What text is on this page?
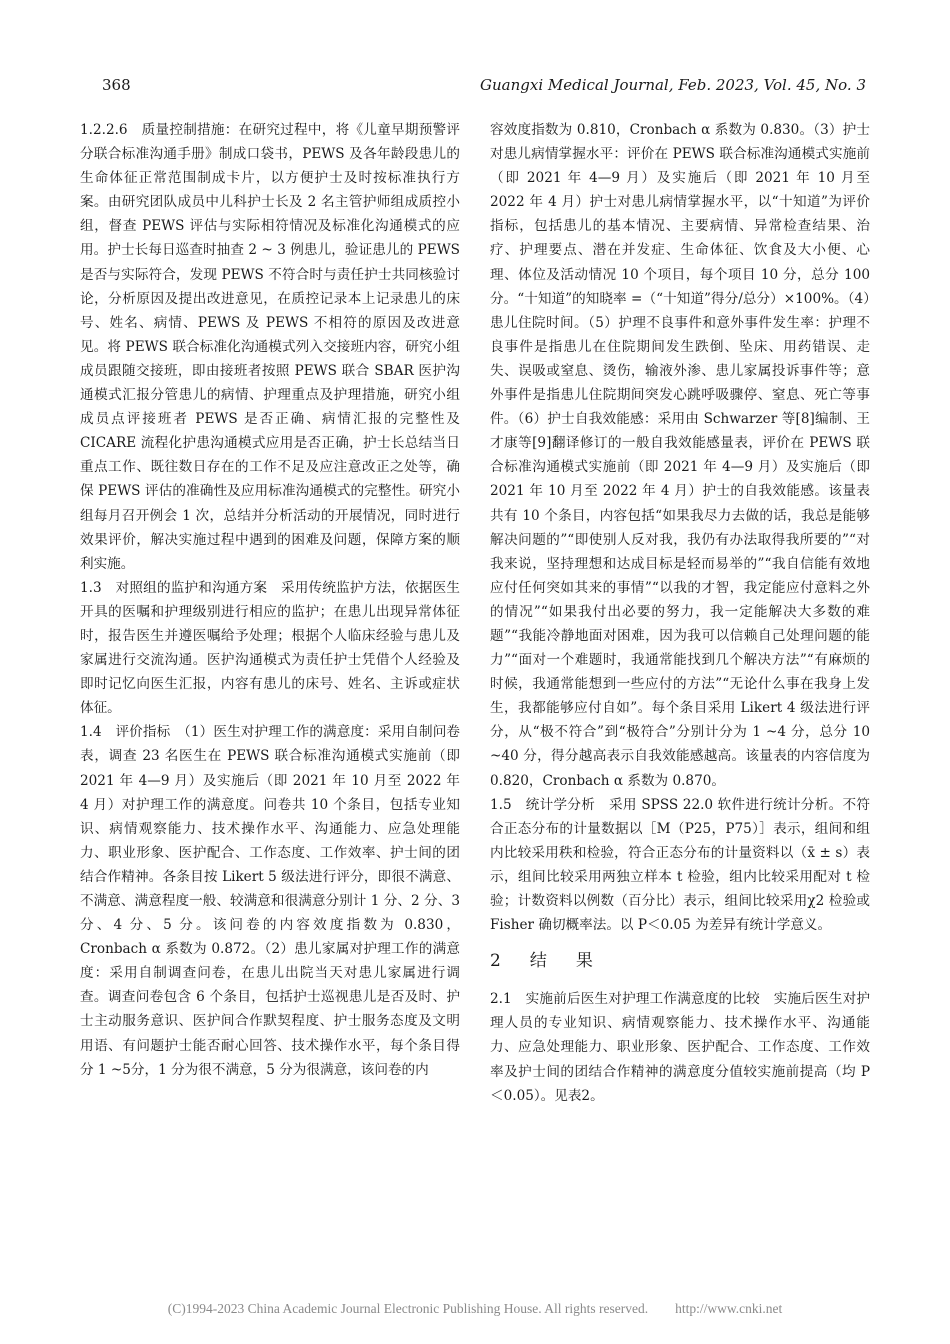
368	Guangxi Medical Journal, Feb. 2023, Vol. 45, No. 3

1.2.2.6　质量控制措施：在研究过程中，将《儿童早期预警评分联合标准沟通手册》制成口袋书，PEWS 及各年龄段患儿的生命体征正常范围制成卡片，以方便护士及时按标准执行方案。由研究团队成员中儿科护士长及 2 名主管护师组成质控小组，督查 PEWS 评估与实际相符情况及标准化沟通模式的应用。护士长每日巡查时抽查 2 ~ 3 例患儿，验证患儿的 PEWS 是否与实际符合，发现 PEWS 不符合时与责任护士共同核验讨论，分析原因及提出改进意见，在质控记录本上记录患儿的床号、姓名、病情、PEWS 及 PEWS 不相符的原因及改进意见。将 PEWS 联合标准化沟通模式列入交接班内容，研究小组成员跟随交接班，即由接班者按照 PEWS 联合 SBAR 医护沟通模式汇报分管患儿的病情、护理重点及护理措施，研究小组成员点评接班者 PEWS 是否正确、病情汇报的完整性及 CICARE 流程化护患沟通模式应用是否正确，护士长总结当日重点工作、既往数日存在的工作不足及应注意改正之处等，确保 PEWS 评估的准确性及应用标准沟通模式的完整性。研究小组每月召开例会 1 次，总结并分析活动的开展情况，同时进行效果评价，解决实施过程中遇到的困难及问题，保障方案的顺利实施。

1.3　对照组的监护和沟通方案　采用传统监护方法，依据医生开具的医嘱和护理级别进行相应的监护；在患儿出现异常体征时，报告医生并遵医嘱给予处理；根据个人临床经验与患儿及家属进行交流沟通。医护沟通模式为责任护士凭借个人经验及即时记忆向医生汇报，内容有患儿的床号、姓名、主诉或症状体征。

1.4　评价指标　（1）医生对护理工作的满意度：采用自制问卷表，调查 23 名医生在 PEWS 联合标准沟通模式实施前（即 2021 年 4—9 月）及实施后（即 2021 年 10 月至 2022 年 4 月）对护理工作的满意度。问卷共 10 个条目，包括专业知识、病情观察能力、技术操作水平、沟通能力、应急处理能力、职业形象、医护配合、工作态度、工作效率、护士间的团结合作精神。各条目按 Likert 5 级法进行评分，即很不满意、不满意、满意程度一般、较满意和很满意分别计 1 分、2 分、3 分、4 分、5 分。该问卷的内容效度指数为 0.830，Cronbach α 系数为 0.872。（2）患儿家属对护理工作的满意度：采用自制调查问卷，在患儿出院当天对患儿家属进行调查。调查问卷包含 6 个条目，包括护士巡视患儿是否及时、护士主动服务意识、医护间合作默契程度、护士服务态度及文明用语、有问题护士能否耐心回答、技术操作水平，每个条目得分 1 ~5分，1 分为很不满意，5 分为很满意，该问卷的内

容效度指数为 0.810，Cronbach α 系数为 0.830。（3）护士对患儿病情掌握水平：评价在 PEWS 联合标准沟通模式实施前（即 2021 年 4—9 月）及实施后（即 2021 年 10 月至 2022 年 4 月）护士对患儿病情掌握水平，以“十知道”为评价指标，包括患儿的基本情况、主要病情、异常检查结果、治疗、护理要点、潜在并发症、生命体征、饮食及大小便、心理、体位及活动情况 10 个项目，每个项目 10 分，总分 100 分。“十知道”的知晓率 =（“十知道”得分/总分）×100%。（4）患儿住院时间。（5）护理不良事件和意外事件发生率：护理不良事件是指患儿在住院期间发生跌倒、坠床、用药错误、走失、误吸或窒息、烫伤，输液外渗、患儿家属投诉事件等；意外事件是指患儿住院期间突发心跳呼吸骤停、窒息、死亡等事件。（6）护士自我效能感：采用由 Schwarzer 等[8]编制、王才康等[9]翻译修订的一般自我效能感量表，评价在 PEWS 联合标准沟通模式实施前（即 2021 年 4—9 月）及实施后（即 2021 年 10 月至 2022 年 4 月）护士的自我效能感。该量表共有 10 个条目，内容包括“如果我尽力去做的话，我总是能够解决问题的”“即使别人反对我，我仍有办法取得我所要的”“对我来说，坚持理想和达成目标是轻而易举的”“我自信能有效地应付任何突如其来的事情”“以我的才智，我定能应付意料之外的情况”“如果我付出必要的努力，我一定能解决大多数的难题”“我能冷静地面对困难，因为我可以信赖自己处理问题的能力”“面对一个难题时，我通常能找到几个解决方法”“有麻烦的时候，我通常能想到一些应付的方法”“无论什么事在我身上发生，我都能够应付自如”。每个条目采用 Likert 4 级法进行评分，从“极不符合”到“极符合”分别计分为 1 ~4 分，总分 10 ~40 分，得分越高表示自我效能感越高。该量表的内容信度为 0.820，Cronbach α 系数为 0.870。

1.5　统计学分析　采用 SPSS 22.0 软件进行统计分析。不符合正态分布的计量数据以［M（P25，P75）］表示，组间和组内比较采用秩和检验，符合正态分布的计量资料以（x̄ ± s）表示，组间比较采用两独立样本 t 检验，组内比较采用配对 t 检验；计数资料以例数（百分比）表示，组间比较采用χ2 检验或 Fisher 确切概率法。以 P＜0.05 为差异有统计学意义。

2　结　果

2.1　实施前后医生对护理工作满意度的比较　实施后医生对护理人员的专业知识、病情观察能力、技术操作水平、沟通能力、应急处理能力、职业形象、医护配合、工作态度、工作效率及护士间的团结合作精神的满意度分值较实施前提高（均 P＜0.05）。见表2。

(C)1994-2023 China Academic Journal Electronic Publishing House. All rights reserved.　　http://www.cnki.net
